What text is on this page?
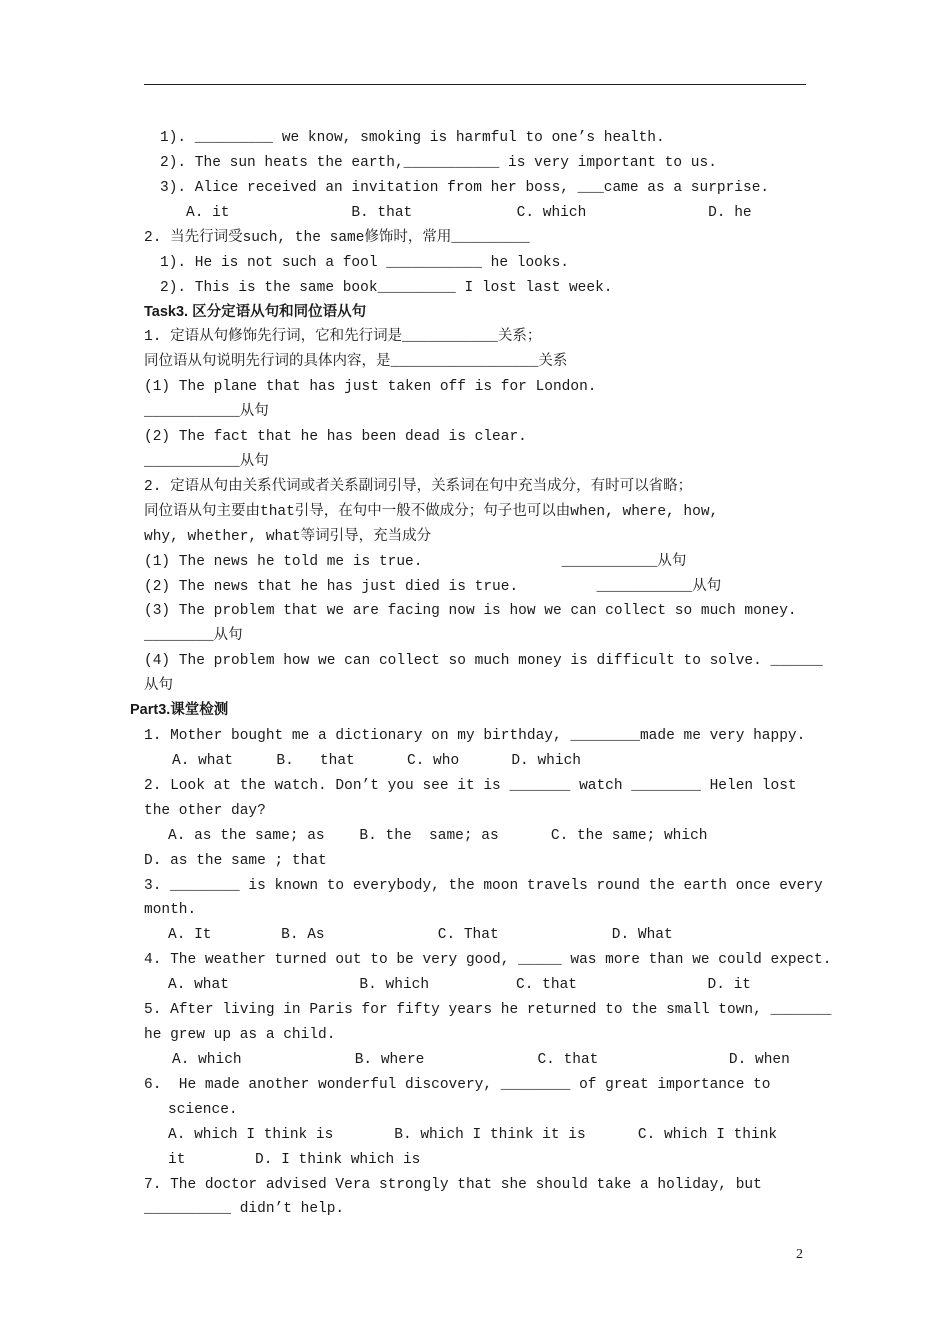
1). _________ we know, smoking is harmful to one’s health.
2). The sun heats the earth,___________ is very important to us.
3). Alice received an invitation from her boss, ___came as a surprise.
A. it              B. that            C. which              D. he
2. 当先行词受such, the same修饰时，常用_________
1). He is not such a fool ___________ he looks.
2). This is the same book_________ I lost last week.
Task3. 区分定语从句和同位语从句
1. 定语从句修饰先行词，它和先行词是___________关系；
同位语从句说明先行词的具体内容，是_________________关系
(1) The plane that has just taken off is for London.
___________从句
(2) The fact that he has been dead is clear.
___________从句
2. 定语从句由关系代词或者关系副词引导，关系词在句中充当成分，有时可以省略；
同位语从句主要由that引导，在句中一般不做成分；句子也可以由when, where, how,
why, whether, what等词引导，充当成分
(1) The news he told me is true.                ___________从句
(2) The news that he has just died is true.         ___________从句
(3) The problem that we are facing now is how we can collect so much money.
________从句
(4) The problem how we can collect so much money is difficult to solve. ______
从句
Part3.课堂检测
1. Mother bought me a dictionary on my birthday, ________made me very happy.
A. what     B.   that      C. who      D. which
2. Look at the watch. Don’t you see it is _______ watch ________ Helen lost
the other day?
A. as the same; as    B. the  same; as      C. the same; which
D. as the same ; that
3. ________ is known to everybody, the moon travels round the earth once every
month.
A. It        B. As             C. That             D. What
4. The weather turned out to be very good, _____ was more than we could expect.
A. what               B. which          C. that               D. it
5. After living in Paris for fifty years he returned to the small town, _______
he grew up as a child.
A. which             B. where             C. that               D. when
6.  He made another wonderful discovery, ________ of great importance to
science.
A. which I think is       B. which I think it is      C. which I think
it        D. I think which is
7. The doctor advised Vera strongly that she should take a holiday, but
__________ didn’t help.
2
